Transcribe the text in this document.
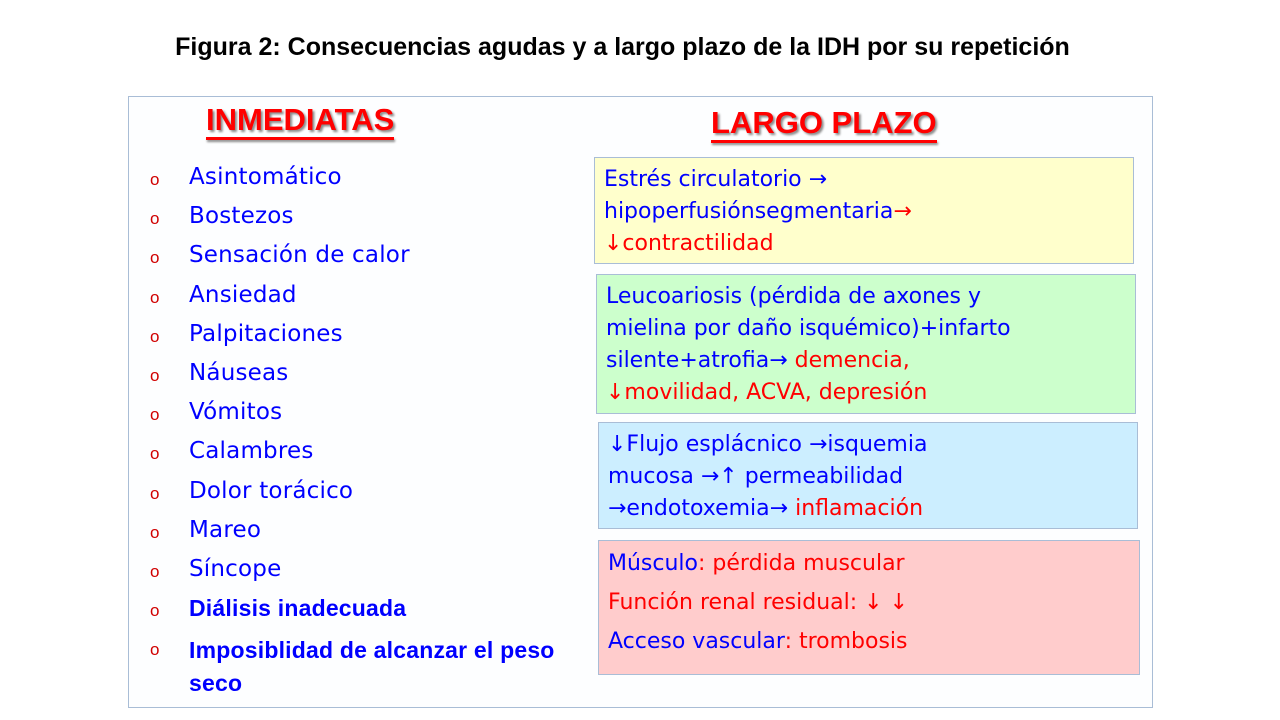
Figura 2: Consecuencias agudas y a largo plazo de la IDH por su repetición
INMEDIATAS	LARGO PLAZO
o Asintomático
o Bostezos
o Sensación de calor
o Ansiedad
o Palpitaciones
o Náuseas
o Vómitos
o Calambres
o Dolor torácico
o Mareo
o Síncope
o Diálisis inadecuada
o Imposiblidad de alcanzar el peso seco
Estrés circulatorio →
hipoperfusiónsegmentaria→
↓contractilidad
Leucoariosis (pérdida de axones y
mielina por daño isquémico)+infarto
silente+atrofia→ demencia,
↓movilidad, ACVA, depresión
↓Flujo esplácnico →isquemia
mucosa →↑ permeabilidad
→endotoxemia→ inflamación
Músculo: pérdida muscular
Función renal residual: ↓ ↓
Acceso vascular: trombosis
